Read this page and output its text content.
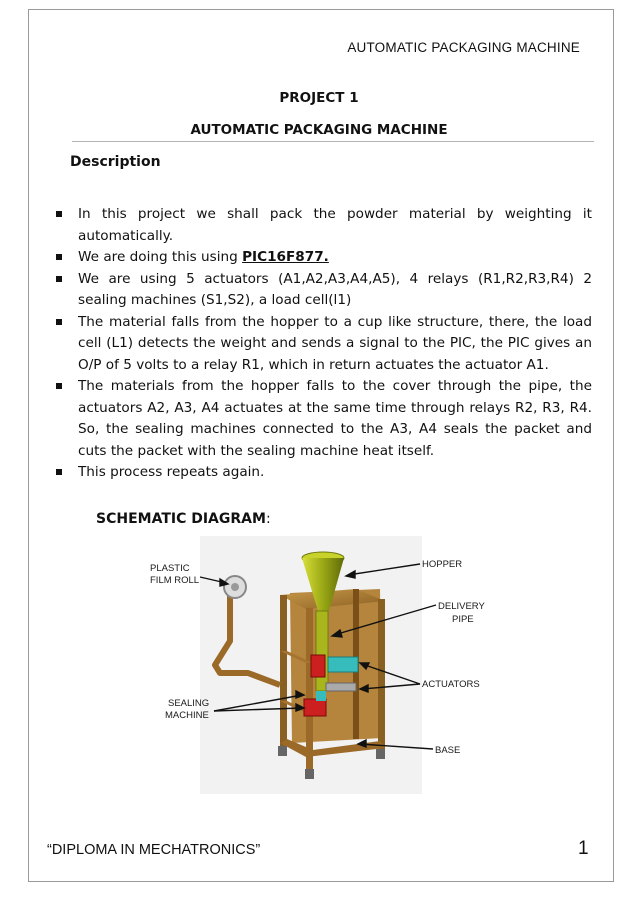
AUTOMATIC PACKAGING MACHINE
PROJECT 1
AUTOMATIC PACKAGING MACHINE
Description
In this project we shall pack the powder material by weighting it automatically.
We are doing this using PIC16F877.
We are using 5 actuators (A1,A2,A3,A4,A5), 4 relays (R1,R2,R3,R4) 2 sealing machines (S1,S2), a load cell(l1)
The material falls from the hopper to a cup like structure, there, the load cell (L1) detects the weight and sends a signal to the PIC, the PIC gives an O/P of 5 volts to a relay R1, which in return actuates the actuator A1.
The materials from the hopper falls to the cover through the pipe, the actuators A2, A3, A4 actuates at the same time through relays R2, R3, R4. So, the sealing machines connected to the A3, A4 seals the packet and cuts the packet with the sealing machine heat itself.
This process repeats again.
SCHEMATIC DIAGRAM:
PLASTIC
FILM ROLL
HOPPER
DELIVERY
PIPE
ACTUATORS
SEALING
MACHINE
BASE
“DIPLOMA IN MECHATRONICS”	1
